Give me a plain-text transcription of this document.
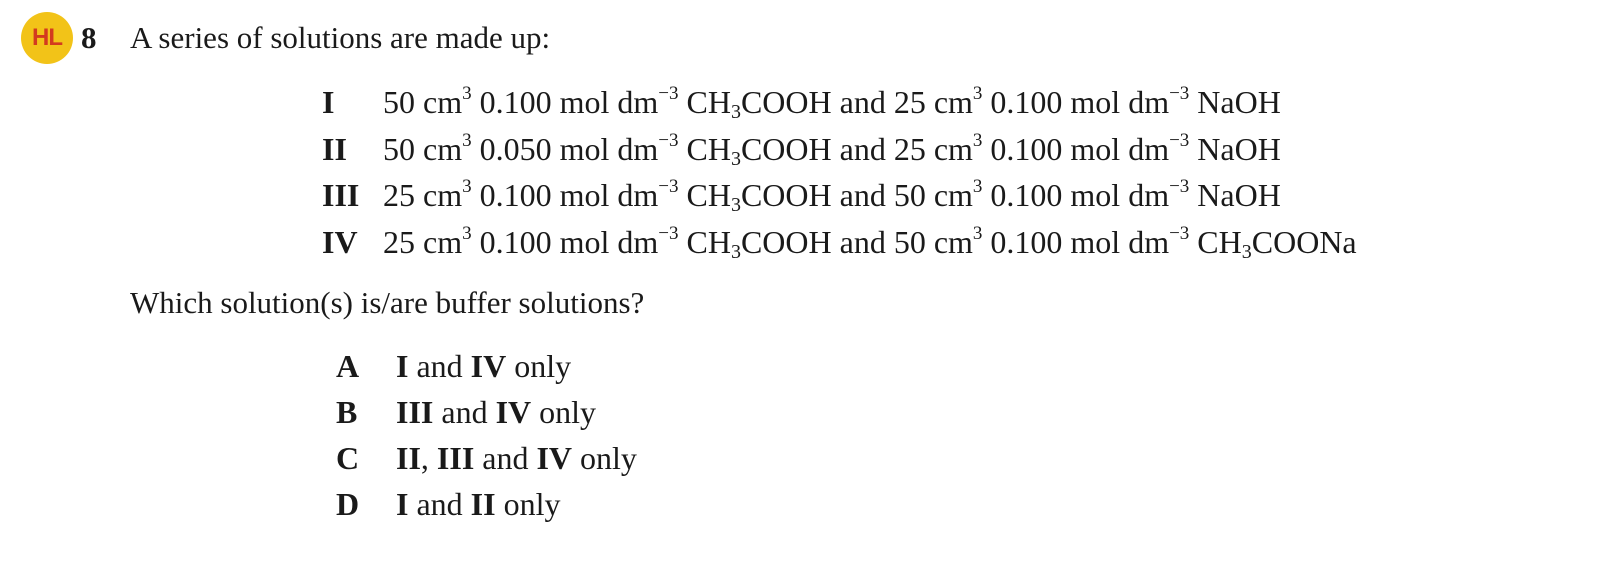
HL 8 A series of solutions are made up:
I	50 $cm^3$ 0.100 mol $dm^{-3}$ $CH_3COOH$ and 25 $cm^3$ 0.100 mol $dm^{-3}$ NaOH
II	50 $cm^3$ 0.050 mol $dm^{-3}$ $CH_3COOH$ and 25 $cm^3$ 0.100 mol $dm^{-3}$ NaOH
III 25 $cm^3$ 0.100 mol $dm^{-3}$ $CH_3COOH$ and 50 $cm^3$ 0.100 mol $dm^{-3}$ NaOH
IV 25 $cm^3$ 0.100 mol $dm^{-3}$ $CH_3COOH$ and 50 $cm^3$ 0.100 mol $dm^{-3}$ $CH_3COONa$
Which solution(s) is/are buffer solutions?
A	I and IV only
B	III and IV only
C	II, III and IV only
D	I and II only
